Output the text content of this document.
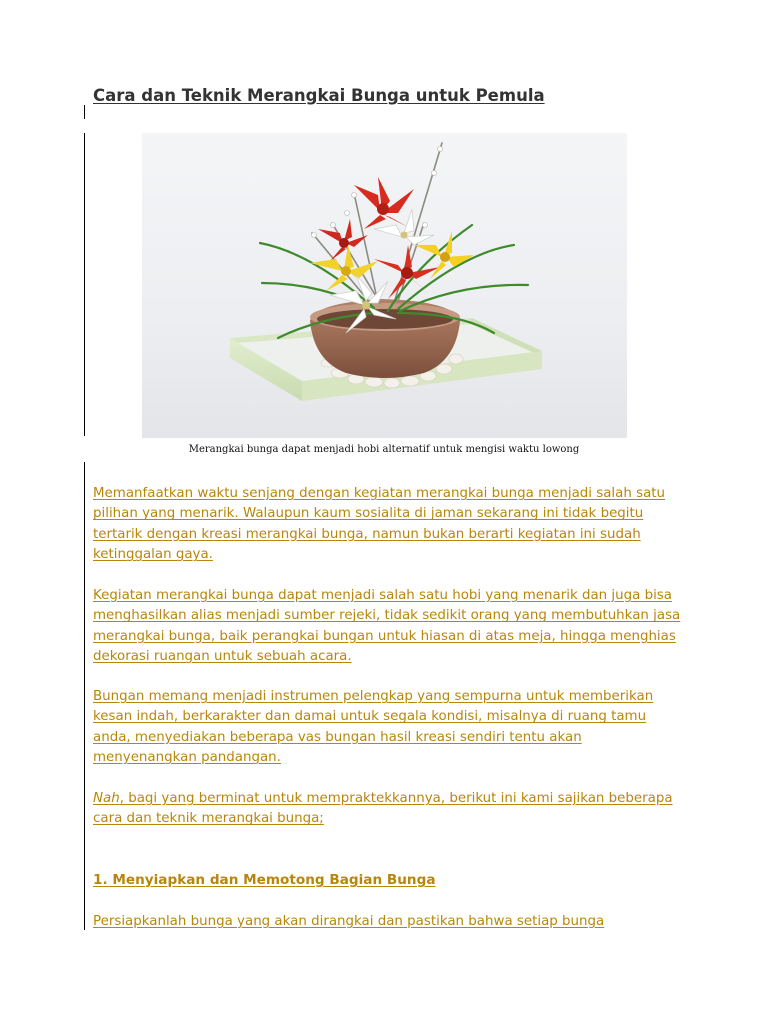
Cara dan Teknik Merangkai Bunga untuk Pemula
Merangkai bunga dapat menjadi hobi alternatif untuk mengisi waktu lowong

Memanfaatkan waktu senjang dengan kegiatan merangkai bunga menjadi salah satu pilihan yang menarik. Walaupun kaum sosialita di jaman sekarang ini tidak begitu tertarik dengan kreasi merangkai bunga, namun bukan berarti kegiatan ini sudah ketinggalan gaya.

Kegiatan merangkai bunga dapat menjadi salah satu hobi yang menarik dan juga bisa menghasilkan alias menjadi sumber rejeki, tidak sedikit orang yang membutuhkan jasa merangkai bunga, baik perangkai bungan untuk hiasan di atas meja, hingga menghias dekorasi ruangan untuk sebuah acara.

Bungan memang menjadi instrumen pelengkap yang sempurna untuk memberikan kesan indah, berkarakter dan damai untuk segala kondisi, misalnya di ruang tamu anda, menyediakan beberapa vas bungan hasil kreasi sendiri tentu akan menyenangkan pandangan.

Nah, bagi yang berminat untuk mempraktekkannya, berikut ini kami sajikan beberapa cara dan teknik merangkai bunga;

1. Menyiapkan dan Memotong Bagian Bunga

Persiapkanlah bunga yang akan dirangkai dan pastikan bahwa setiap bunga
